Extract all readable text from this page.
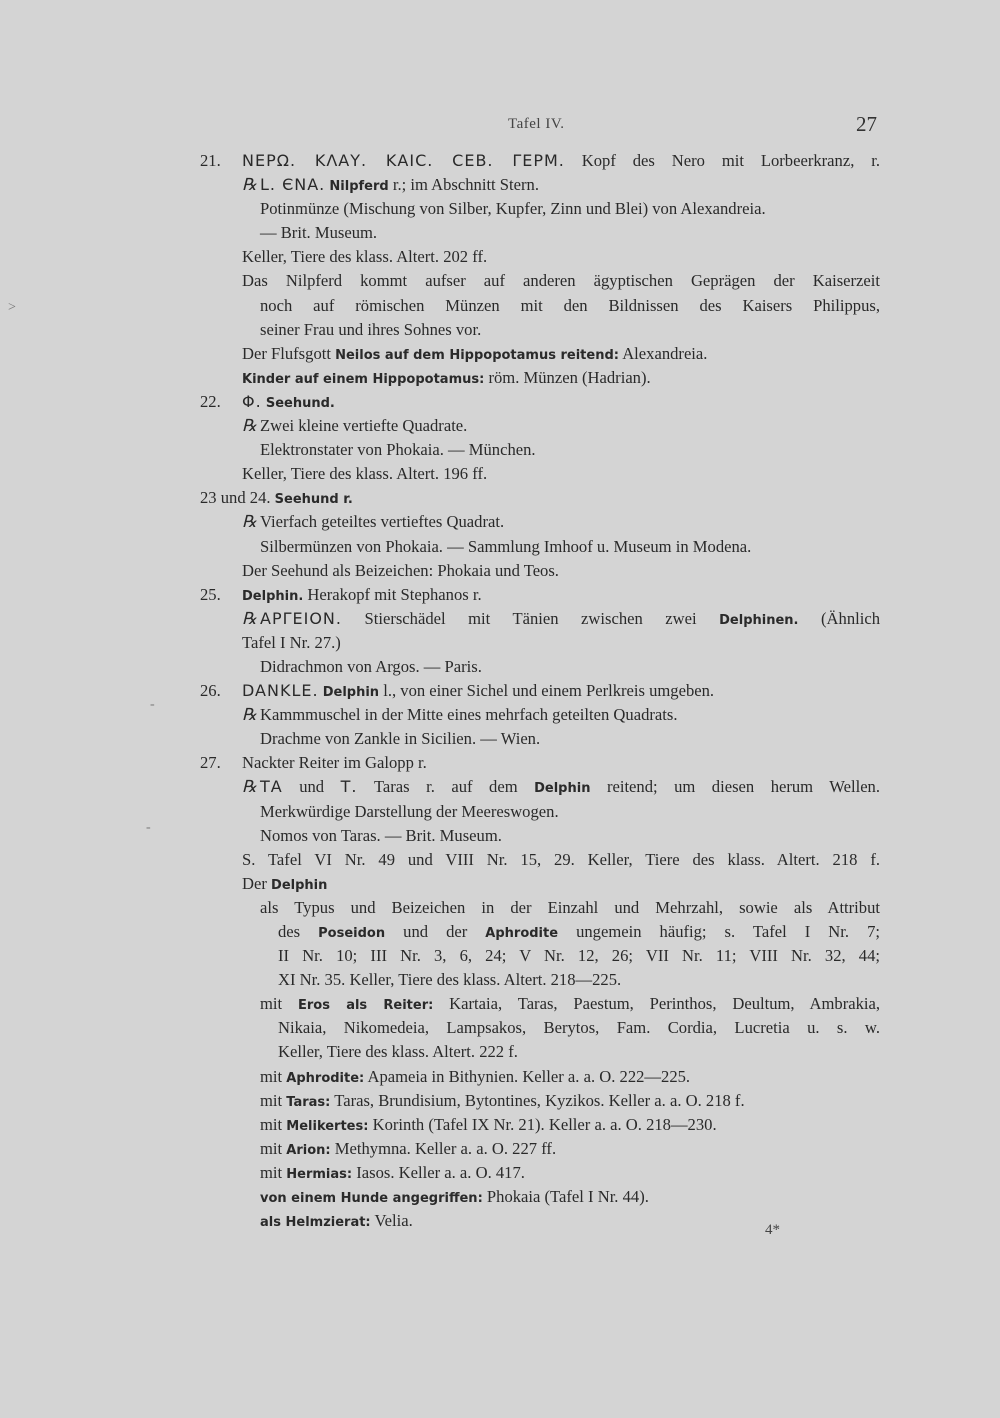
Tafel IV.	27
21. ΝΕΡΩ. ΚΛΑΥ. ΚΑΙϹ. ϹΕΒ. ΓΕΡΜ. Kopf des Nero mit Lorbeerkranz, r.
℞ L. ЄΝΑ. Nilpferd r.; im Abschnitt Stern.
Potinmünze (Mischung von Silber, Kupfer, Zinn und Blei) von Alexandreia.
— Brit. Museum.
Keller, Tiere des klass. Altert. 202 ff.
Das Nilpferd kommt aufser auf anderen ägyptischen Geprägen der Kaiserzeit
noch auf römischen Münzen mit den Bildnissen des Kaisers Philippus,
seiner Frau und ihres Sohnes vor.
Der Flufsgott Neilos auf dem Hippopotamus reitend: Alexandreia.
Kinder auf einem Hippopotamus: röm. Münzen (Hadrian).
22. Φ. Seehund.
℞ Zwei kleine vertiefte Quadrate.
Elektronstater von Phokaia. — München.
Keller, Tiere des klass. Altert. 196 ff.
23 und 24. Seehund r.
℞ Vierfach geteiltes vertieftes Quadrat.
Silbermünzen von Phokaia. — Sammlung Imhoof u. Museum in Modena.
Der Seehund als Beizeichen: Phokaia und Teos.
25. Delphin. Herakopf mit Stephanos r.
℞ ΑΡΓΕΙΟΝ. Stierschädel mit Tänien zwischen zwei Delphinen. (Ähnlich
Tafel I Nr. 27.)
Didrachmon von Argos. — Paris.
26. DANKLE. Delphin l., von einer Sichel und einem Perlkreis umgeben.
℞ Kammmuschel in der Mitte eines mehrfach geteilten Quadrats.
Drachme von Zankle in Sicilien. — Wien.
27. Nackter Reiter im Galopp r.
℞ ΤΑ und Τ. Taras r. auf dem Delphin reitend; um diesen herum Wellen.
Merkwürdige Darstellung der Meereswogen.
Nomos von Taras. — Brit. Museum.
S. Tafel VI Nr. 49 und VIII Nr. 15, 29. Keller, Tiere des klass. Altert. 218 f.
Der Delphin
als Typus und Beizeichen in der Einzahl und Mehrzahl, sowie als Attribut
des Poseidon und der Aphrodite ungemein häufig; s. Tafel I Nr. 7;
II Nr. 10; III Nr. 3, 6, 24; V Nr. 12, 26; VII Nr. 11; VIII Nr. 32, 44;
XI Nr. 35. Keller, Tiere des klass. Altert. 218—225.
mit Eros als Reiter: Kartaia, Taras, Paestum, Perinthos, Deultum, Ambrakia,
Nikaia, Nikomedeia, Lampsakos, Berytos, Fam. Cordia, Lucretia u. s. w.
Keller, Tiere des klass. Altert. 222 f.
mit Aphrodite: Apameia in Bithynien. Keller a. a. O. 222—225.
mit Taras: Taras, Brundisium, Bytontines, Kyzikos. Keller a. a. O. 218 f.
mit Melikertes: Korinth (Tafel IX Nr. 21). Keller a. a. O. 218—230.
mit Arion: Methymna. Keller a. a. O. 227 ff.
mit Hermias: Iasos. Keller a. a. O. 417.
von einem Hunde angegriffen: Phokaia (Tafel I Nr. 44).
als Helmzierat: Velia.	4*
>
-
-
